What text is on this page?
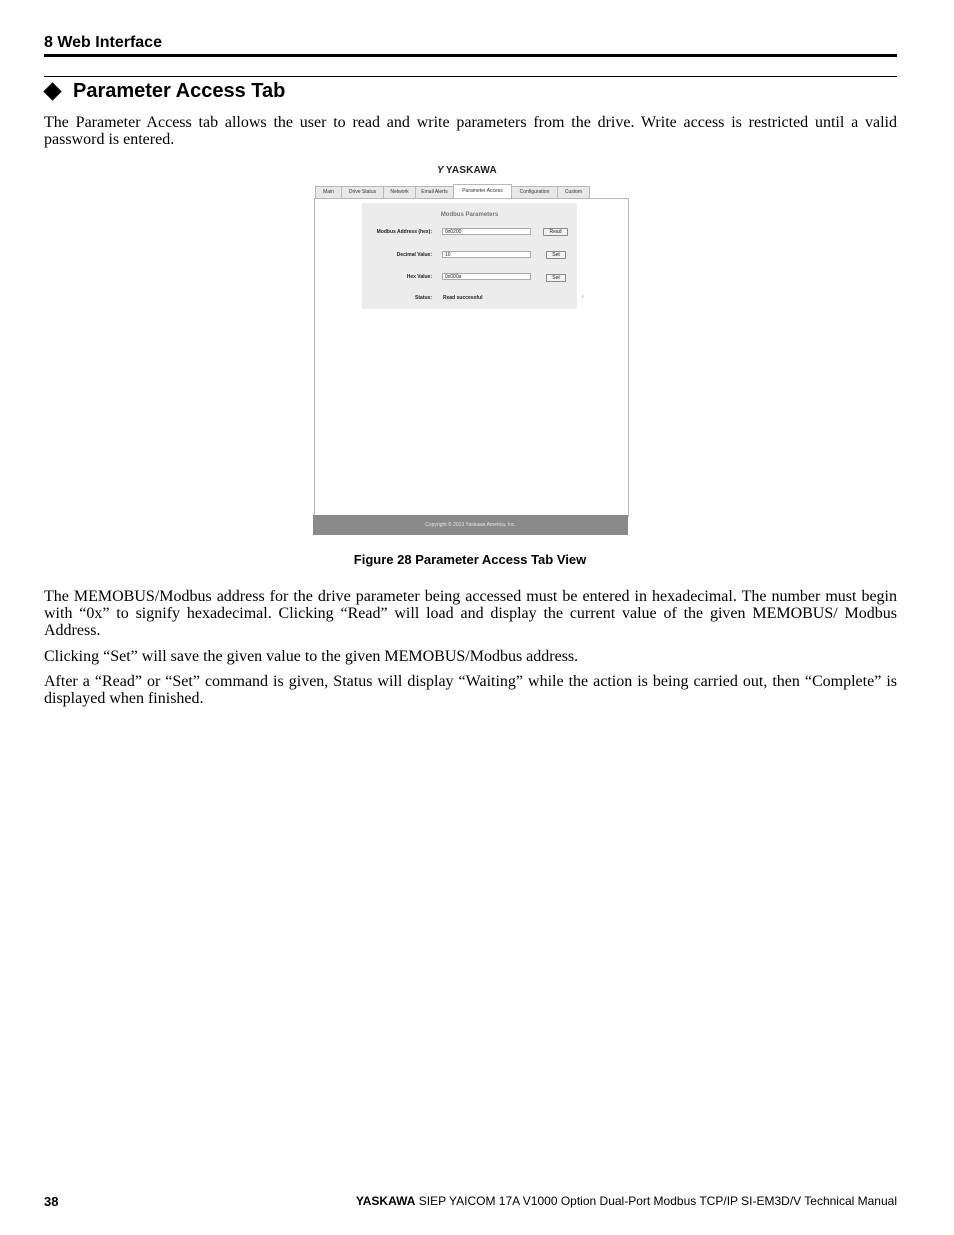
8 Web Interface
Parameter Access Tab
The Parameter Access tab allows the user to read and write parameters from the drive. Write access is restricted until a valid password is entered.
Y YASKAWA
Main	Drive Status	Network	Email Alerts	Parameter Access	Configuration	Custom
Modbus Parameters
Modbus Address (hex):	0x0200	Read
Decimal Value:	10	Set
Hex Value:	0x000a	Set
Status: Read successful
Copyright © 2013 Yaskawa America, Inc.
Figure 28 Parameter Access Tab View
The MEMOBUS/Modbus address for the drive parameter being accessed must be entered in hexadecimal. The number must begin with “0x” to signify hexadecimal. Clicking “Read” will load and display the current value of the given MEMOBUS/ Modbus Address.
Clicking “Set” will save the given value to the given MEMOBUS/Modbus address.
After a “Read” or “Set” command is given, Status will display “Waiting” while the action is being carried out, then “Complete” is displayed when finished.
38	YASKAWA SIEP YAICOM 17A V1000 Option Dual-Port Modbus TCP/IP SI-EM3D/V Technical Manual
